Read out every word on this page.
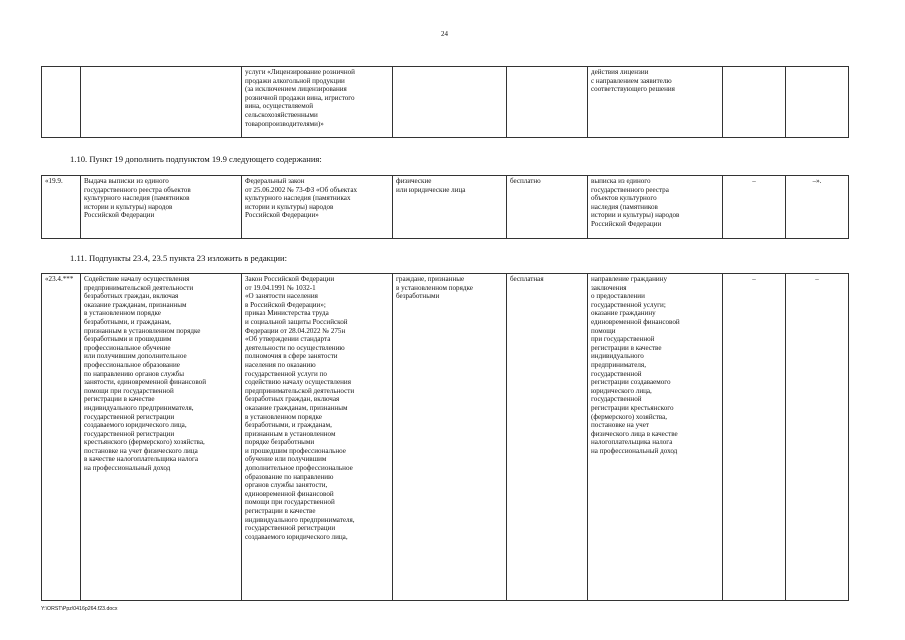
24
		услуги «Лицензирование розничной
продажи алкогольной продукции
(за исключением лицензирования
розничной продажи вина, игристого
вина, осуществляемой
сельскохозяйственными
товаропроизводителями)»			действия лицензии
с направлением заявителю
соответствующего решения		
1.10. Пункт 19 дополнить подпунктом 19.9 следующего содержания:
«19.9.	Выдача выписки из единого
государственного реестра объектов
культурного наследия (памятников
истории и культуры) народов
Российской Федерации	Федеральный закон
от 25.06.2002 № 73-ФЗ «Об объектах
культурного наследия (памятниках
истории и культуры) народов
Российской Федерации»	физические
или юридические лица	бесплатно	выписка из единого
государственного реестра
объектов культурного
наследия (памятников
истории и культуры) народов
Российской Федерации	–	–».
1.11. Подпункты 23.4, 23.5 пункта 23 изложить в редакции:
«23.4.***	Содействие началу осуществления
предпринимательской деятельности
безработных граждан, включая
оказание гражданам, признанным
в установленном порядке
безработными, и гражданам,
признанным в установленном порядке
безработными и прошедшим
профессиональное обучение
или получившим дополнительное
профессиональное образование
по направлению органов службы
занятости, единовременной финансовой
помощи при государственной
регистрации в качестве
индивидуального предпринимателя,
государственной регистрации
создаваемого юридического лица,
государственной регистрации
крестьянского (фермерского) хозяйства,
постановке на учет физического лица
в качестве налогоплательщика налога
на профессиональный доход	Закон Российской Федерации
от 19.04.1991 № 1032-1
«О занятости населения
в Российской Федерации»;
приказ Министерства труда
и социальной защиты Российской
Федерации от 28.04.2022 № 275н
«Об утверждении стандарта
деятельности по осуществлению
полномочия в сфере занятости
населения по оказанию
государственной услуги по
содействию началу осуществления
предпринимательской деятельности
безработных граждан, включая
оказание гражданам, признанным
в установленном порядке
безработными, и гражданам,
признанным в установленном
порядке безработными
и прошедшим профессиональное
обучение или получившим
дополнительное профессиональное
образование по направлению
органов службы занятости,
единовременной финансовой
помощи при государственной
регистрации в качестве
индивидуального предпринимателя,
государственной регистрации
создаваемого юридического лица,	граждане, признанные
в установленном порядке
безработными	бесплатная	направление гражданину
заключения
о предоставлении
государственной услуги;
оказание гражданину
единовременной финансовой
помощи
при государственной
регистрации в качестве
индивидуального
предпринимателя,
государственной
регистрации создаваемого
юридического лица,
государственной
регистрации крестьянского
(фермерского) хозяйства,
постановке на учет
физического лица в качестве
налогоплательщика налога
на профессиональный доход	–	–
Y:\ORST\Ppz\0416p264.f23.docx
